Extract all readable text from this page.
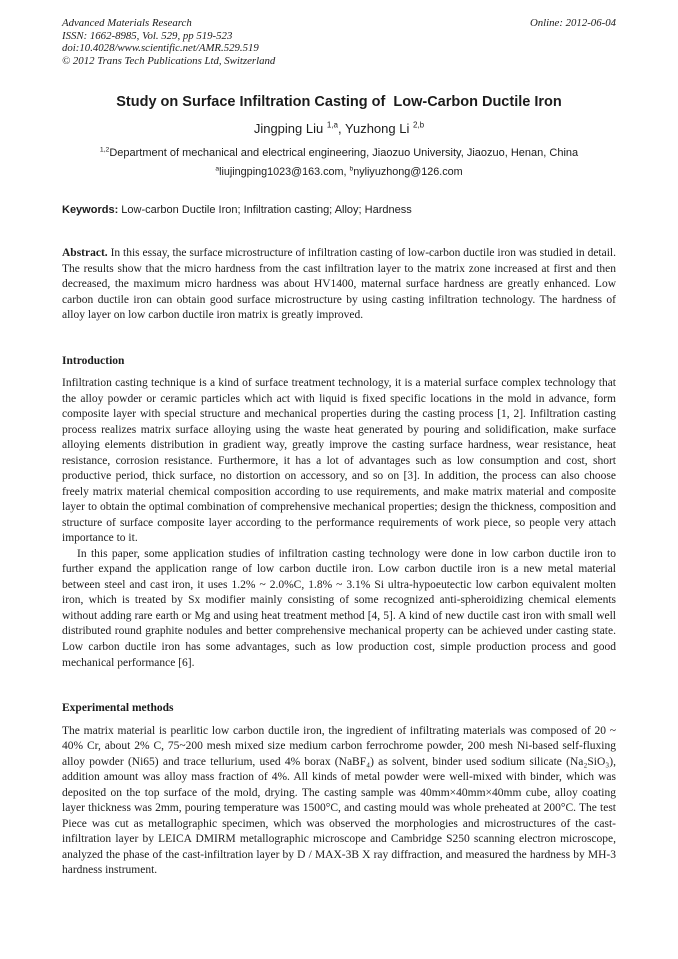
Advanced Materials Research
ISSN: 1662-8985, Vol. 529, pp 519-523
doi:10.4028/www.scientific.net/AMR.529.519
© 2012 Trans Tech Publications Ltd, Switzerland
Online: 2012-06-04
Study on Surface Infiltration Casting of  Low-Carbon Ductile Iron
Jingping Liu $^{1,a}$, Yuzhong Li $^{2,b}$
$^{1,2}$Department of mechanical and electrical engineering, Jiaozuo University, Jiaozuo, Henan, China
$^a$liujingping1023@163.com, $^b$nyliyuzhong@126.com
Keywords: Low-carbon Ductile Iron; Infiltration casting; Alloy; Hardness

Abstract. In this essay, the surface microstructure of infiltration casting of low-carbon ductile iron was studied in detail. The results show that the micro hardness from the cast infiltration layer to the matrix zone increased at first and then decreased, the maximum micro hardness was about HV1400, maternal surface hardness are greatly enhanced. Low carbon ductile iron can obtain good surface microstructure by using casting infiltration technology. The hardness of alloy layer on low carbon ductile iron matrix is greatly improved.

Introduction

Infiltration casting technique is a kind of surface treatment technology, it is a material surface complex technology that the alloy powder or ceramic particles which act with liquid is fixed specific locations in the mold in advance, form composite layer with special structure and mechanical properties during the casting process [1, 2]. Infiltration casting process realizes matrix surface alloying using the waste heat generated by pouring and solidification, make surface alloying elements distribution in gradient way, greatly improve the casting surface hardness, wear resistance, heat resistance, corrosion resistance. Furthermore, it has a lot of advantages such as low consumption and cost, short productive period, thick surface, no distortion on accessory, and so on [3]. In addition, the process can also choose freely matrix material chemical composition according to use requirements, and make matrix material and composite layer to obtain the optimal combination of comprehensive mechanical properties; design the thickness, composition and structure of surface composite layer according to the performance requirements of work piece, so people very attach importance to it.

In this paper, some application studies of infiltration casting technology were done in low carbon ductile iron to further expand the application range of low carbon ductile iron. Low carbon ductile iron is a new metal material between steel and cast iron, it uses 1.2% ~ 2.0%C, 1.8% ~ 3.1% Si ultra-hypoeutectic low carbon equivalent molten iron, which is treated by Sx modifier mainly consisting of some recognized anti-spheroidizing chemical elements without adding rare earth or Mg and using heat treatment method [4, 5]. A kind of new ductile cast iron with small well distributed round graphite nodules and better comprehensive mechanical property can be achieved under casting state. Low carbon ductile iron has some advantages, such as low production cost, simple production process and good mechanical performance [6].

Experimental methods

The matrix material is pearlitic low carbon ductile iron, the ingredient of infiltrating materials was composed of 20 ~ 40% Cr, about 2% C, 75~200 mesh mixed size medium carbon ferrochrome powder, 200 mesh Ni-based self-fluxing alloy powder (Ni65) and trace tellurium, used 4% borax (NaBF₄) as solvent, binder used sodium silicate (Na₂SiO₃), addition amount was alloy mass fraction of 4%. All kinds of metal powder were well-mixed with binder, which was deposited on the top surface of the mold, drying. The casting sample was 40mm×40mm×40mm cube, alloy coating layer thickness was 2mm, pouring temperature was 1500°C, and casting mould was whole preheated at 200°C. The test Piece was cut as metallographic specimen, which was observed the morphologies and microstructures of the cast-infiltration layer by LEICA DMIRM metallographic microscope and Cambridge S250 scanning electron microscope, analyzed the phase of the cast-infiltration layer by D / MAX-3B X ray diffraction, and measured the hardness by MH-3 hardness instrument.
